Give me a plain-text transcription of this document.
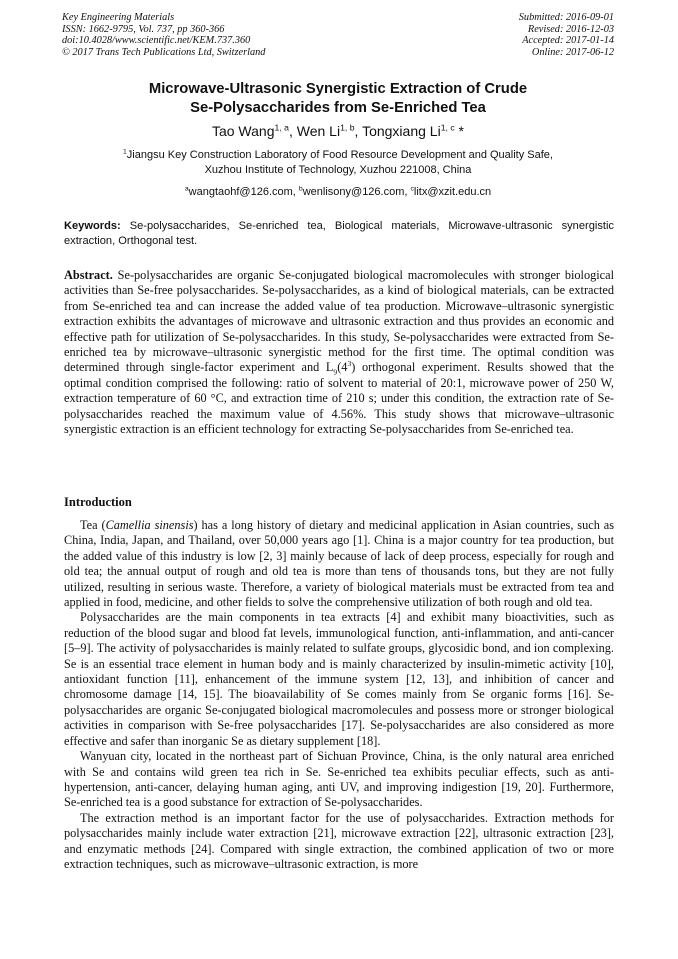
Key Engineering Materials
ISSN: 1662-9795, Vol. 737, pp 360-366
doi:10.4028/www.scientific.net/KEM.737.360
© 2017 Trans Tech Publications Ltd, Switzerland
Submitted: 2016-09-01
Revised: 2016-12-03
Accepted: 2017-01-14
Online: 2017-06-12
Microwave-Ultrasonic Synergistic Extraction of Crude
Se-Polysaccharides from Se-Enriched Tea
Tao Wang$^{1, a}$, Wen Li$^{1, b}$, Tongxiang Li$^{1, c}$ *
$^1$Jiangsu Key Construction Laboratory of Food Resource Development and Quality Safe,
Xuzhou Institute of Technology, Xuzhou 221008, China
$^a$wangtaohf@126.com, $^b$wenlisony@126.com, $^c$litx@xzit.edu.cn
Keywords: Se-polysaccharides, Se-enriched tea, Biological materials, Microwave-ultrasonic synergistic extraction, Orthogonal test.
Abstract. Se-polysaccharides are organic Se-conjugated biological macromolecules with stronger biological activities than Se-free polysaccharides. Se-polysaccharides, as a kind of biological materials, can be extracted from Se-enriched tea and can increase the added value of tea production. Microwave–ultrasonic synergistic extraction exhibits the advantages of microwave and ultrasonic extraction and thus provides an economic and effective path for utilization of Se-polysaccharides. In this study, Se-polysaccharides were extracted from Se-enriched tea by microwave–ultrasonic synergistic method for the first time. The optimal condition was determined through single-factor experiment and $L_9(4^3)$ orthogonal experiment. Results showed that the optimal condition comprised the following: ratio of solvent to material of 20:1, microwave power of 250 W, extraction temperature of 60 °C, and extraction time of 210 s; under this condition, the extraction rate of Se-polysaccharides reached the maximum value of 4.56%. This study shows that microwave–ultrasonic synergistic extraction is an efficient technology for extracting Se-polysaccharides from Se-enriched tea.
Introduction

Tea (Camellia sinensis) has a long history of dietary and medicinal application in Asian countries, such as China, India, Japan, and Thailand, over 50,000 years ago [1]. China is a major country for tea production, but the added value of this industry is low [2, 3] mainly because of lack of deep process, especially for rough and old tea; the annual output of rough and old tea is more than tens of thousands tons, but they are not fully utilized, resulting in serious waste. Therefore, a variety of biological materials must be extracted from tea and applied in food, medicine, and other fields to solve the comprehensive utilization of both rough and old tea.

Polysaccharides are the main components in tea extracts [4] and exhibit many bioactivities, such as reduction of the blood sugar and blood fat levels, immunological function, anti-inflammation, and anti-cancer [5–9]. The activity of polysaccharides is mainly related to sulfate groups, glycosidic bond, and ion complexing. Se is an essential trace element in human body and is mainly characterized by insulin-mimetic activity [10], antioxidant function [11], enhancement of the immune system [12, 13], and inhibition of cancer and chromosome damage [14, 15]. The bioavailability of Se comes mainly from Se organic forms [16]. Se-polysaccharides are organic Se-conjugated biological macromolecules and possess more or stronger biological activities in comparison with Se-free polysaccharides [17]. Se-polysaccharides are also considered as more effective and safer than inorganic Se as dietary supplement [18].

Wanyuan city, located in the northeast part of Sichuan Province, China, is the only natural area enriched with Se and contains wild green tea rich in Se. Se-enriched tea exhibits peculiar effects, such as anti-hypertension, anti-cancer, delaying human aging, anti UV, and improving indigestion [19, 20]. Furthermore, Se-enriched tea is a good substance for extraction of Se-polysaccharides.

The extraction method is an important factor for the use of polysaccharides. Extraction methods for polysaccharides mainly include water extraction [21], microwave extraction [22], ultrasonic extraction [23], and enzymatic methods [24]. Compared with single extraction, the combined application of two or more extraction techniques, such as microwave–ultrasonic extraction, is more
